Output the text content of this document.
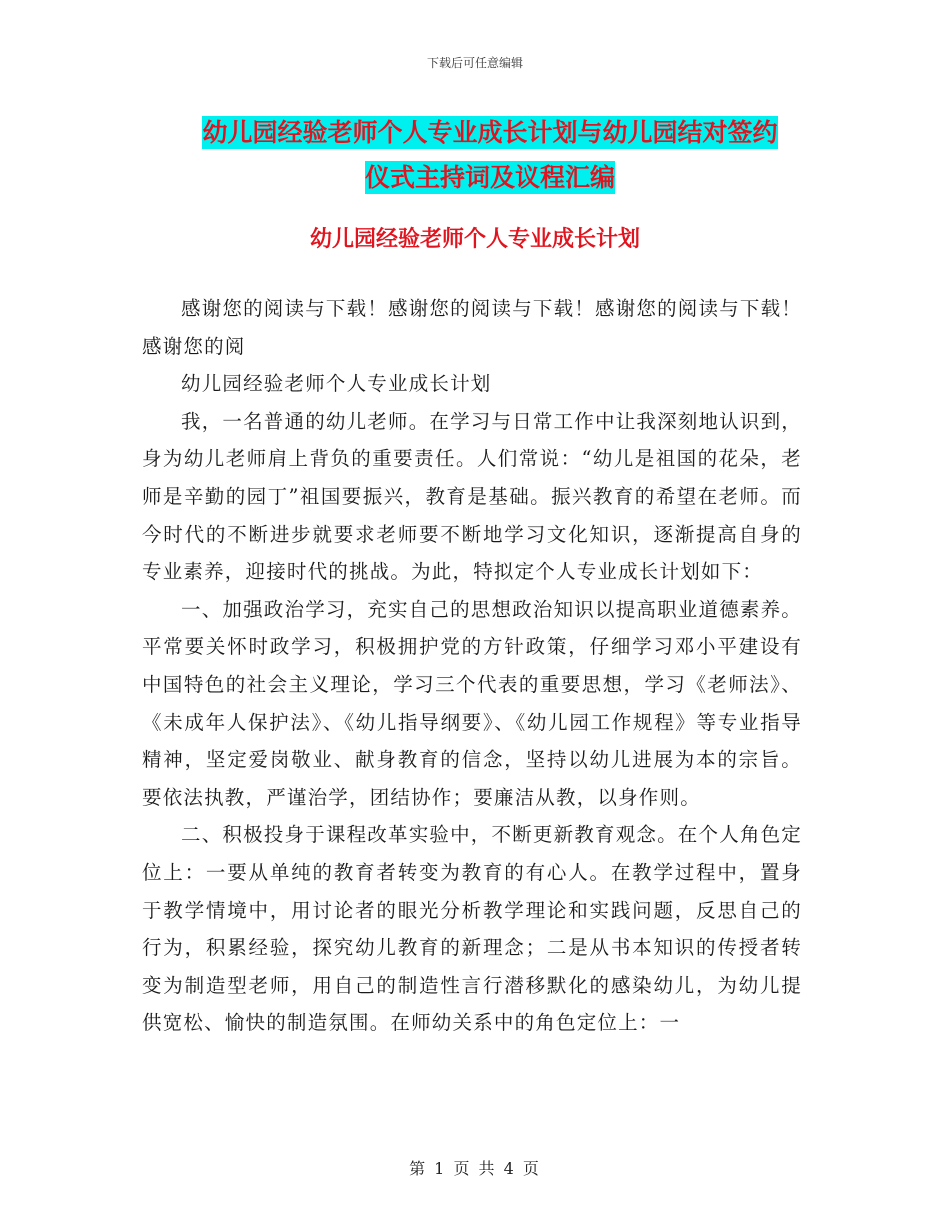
下载后可任意编辑
幼儿园经验老师个人专业成长计划与幼儿园结对签约
仪式主持词及议程汇编
幼儿园经验老师个人专业成长计划

感谢您的阅读与下载！感谢您的阅读与下载！感谢您的阅读与下载！感谢您的阅

幼儿园经验老师个人专业成长计划

我，一名普通的幼儿老师。在学习与日常工作中让我深刻地认识到，身为幼儿老师肩上背负的重要责任。人们常说：“幼儿是祖国的花朵，老师是辛勤的园丁”祖国要振兴，教育是基础。振兴教育的希望在老师。而今时代的不断进步就要求老师要不断地学习文化知识，逐渐提高自身的专业素养，迎接时代的挑战。为此，特拟定个人专业成长计划如下：

一、加强政治学习，充实自己的思想政治知识以提高职业道德素养。平常要关怀时政学习，积极拥护党的方针政策，仔细学习邓小平建设有中国特色的社会主义理论，学习三个代表的重要思想，学习《老师法》、《未成年人保护法》、《幼儿指导纲要》、《幼儿园工作规程》等专业指导精神，坚定爱岗敬业、献身教育的信念，坚持以幼儿进展为本的宗旨。要依法执教，严谨治学，团结协作；要廉洁从教，以身作则。

二、积极投身于课程改革实验中，不断更新教育观念。在个人角色定位上：一要从单纯的教育者转变为教育的有心人。在教学过程中，置身于教学情境中，用讨论者的眼光分析教学理论和实践问题，反思自己的行为，积累经验，探究幼儿教育的新理念；二是从书本知识的传授者转变为制造型老师，用自己的制造性言行潜移默化的感染幼儿，为幼儿提供宽松、愉快的制造氛围。在师幼关系中的角色定位上：一

第 1 页 共 4 页
